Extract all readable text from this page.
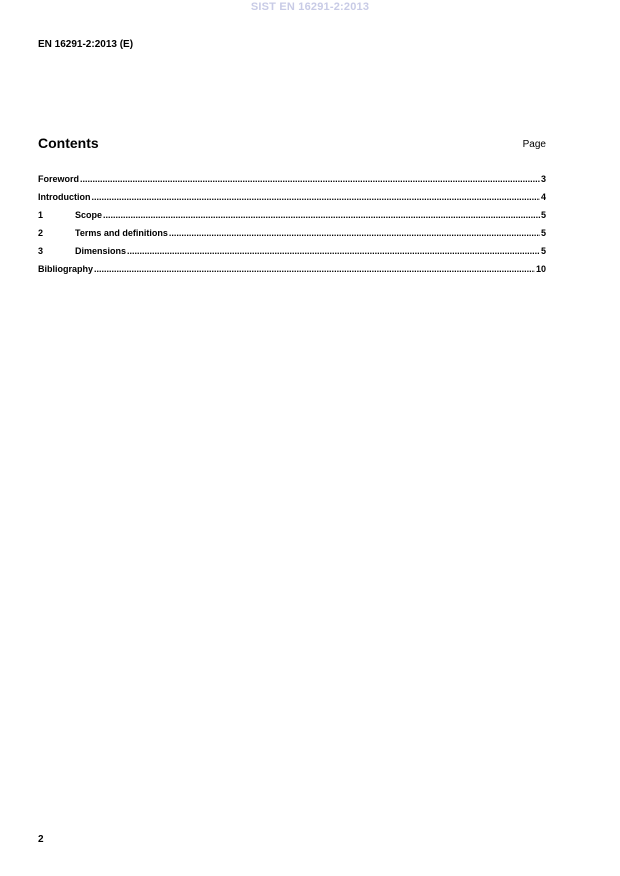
SIST EN 16291-2:2013
EN 16291-2:2013 (E)
Contents	Page
Foreword .....	3
Introduction .....	4
1	Scope .....	5
2	Terms and definitions .....	5
3	Dimensions .....	5
Bibliography .....	10
2
